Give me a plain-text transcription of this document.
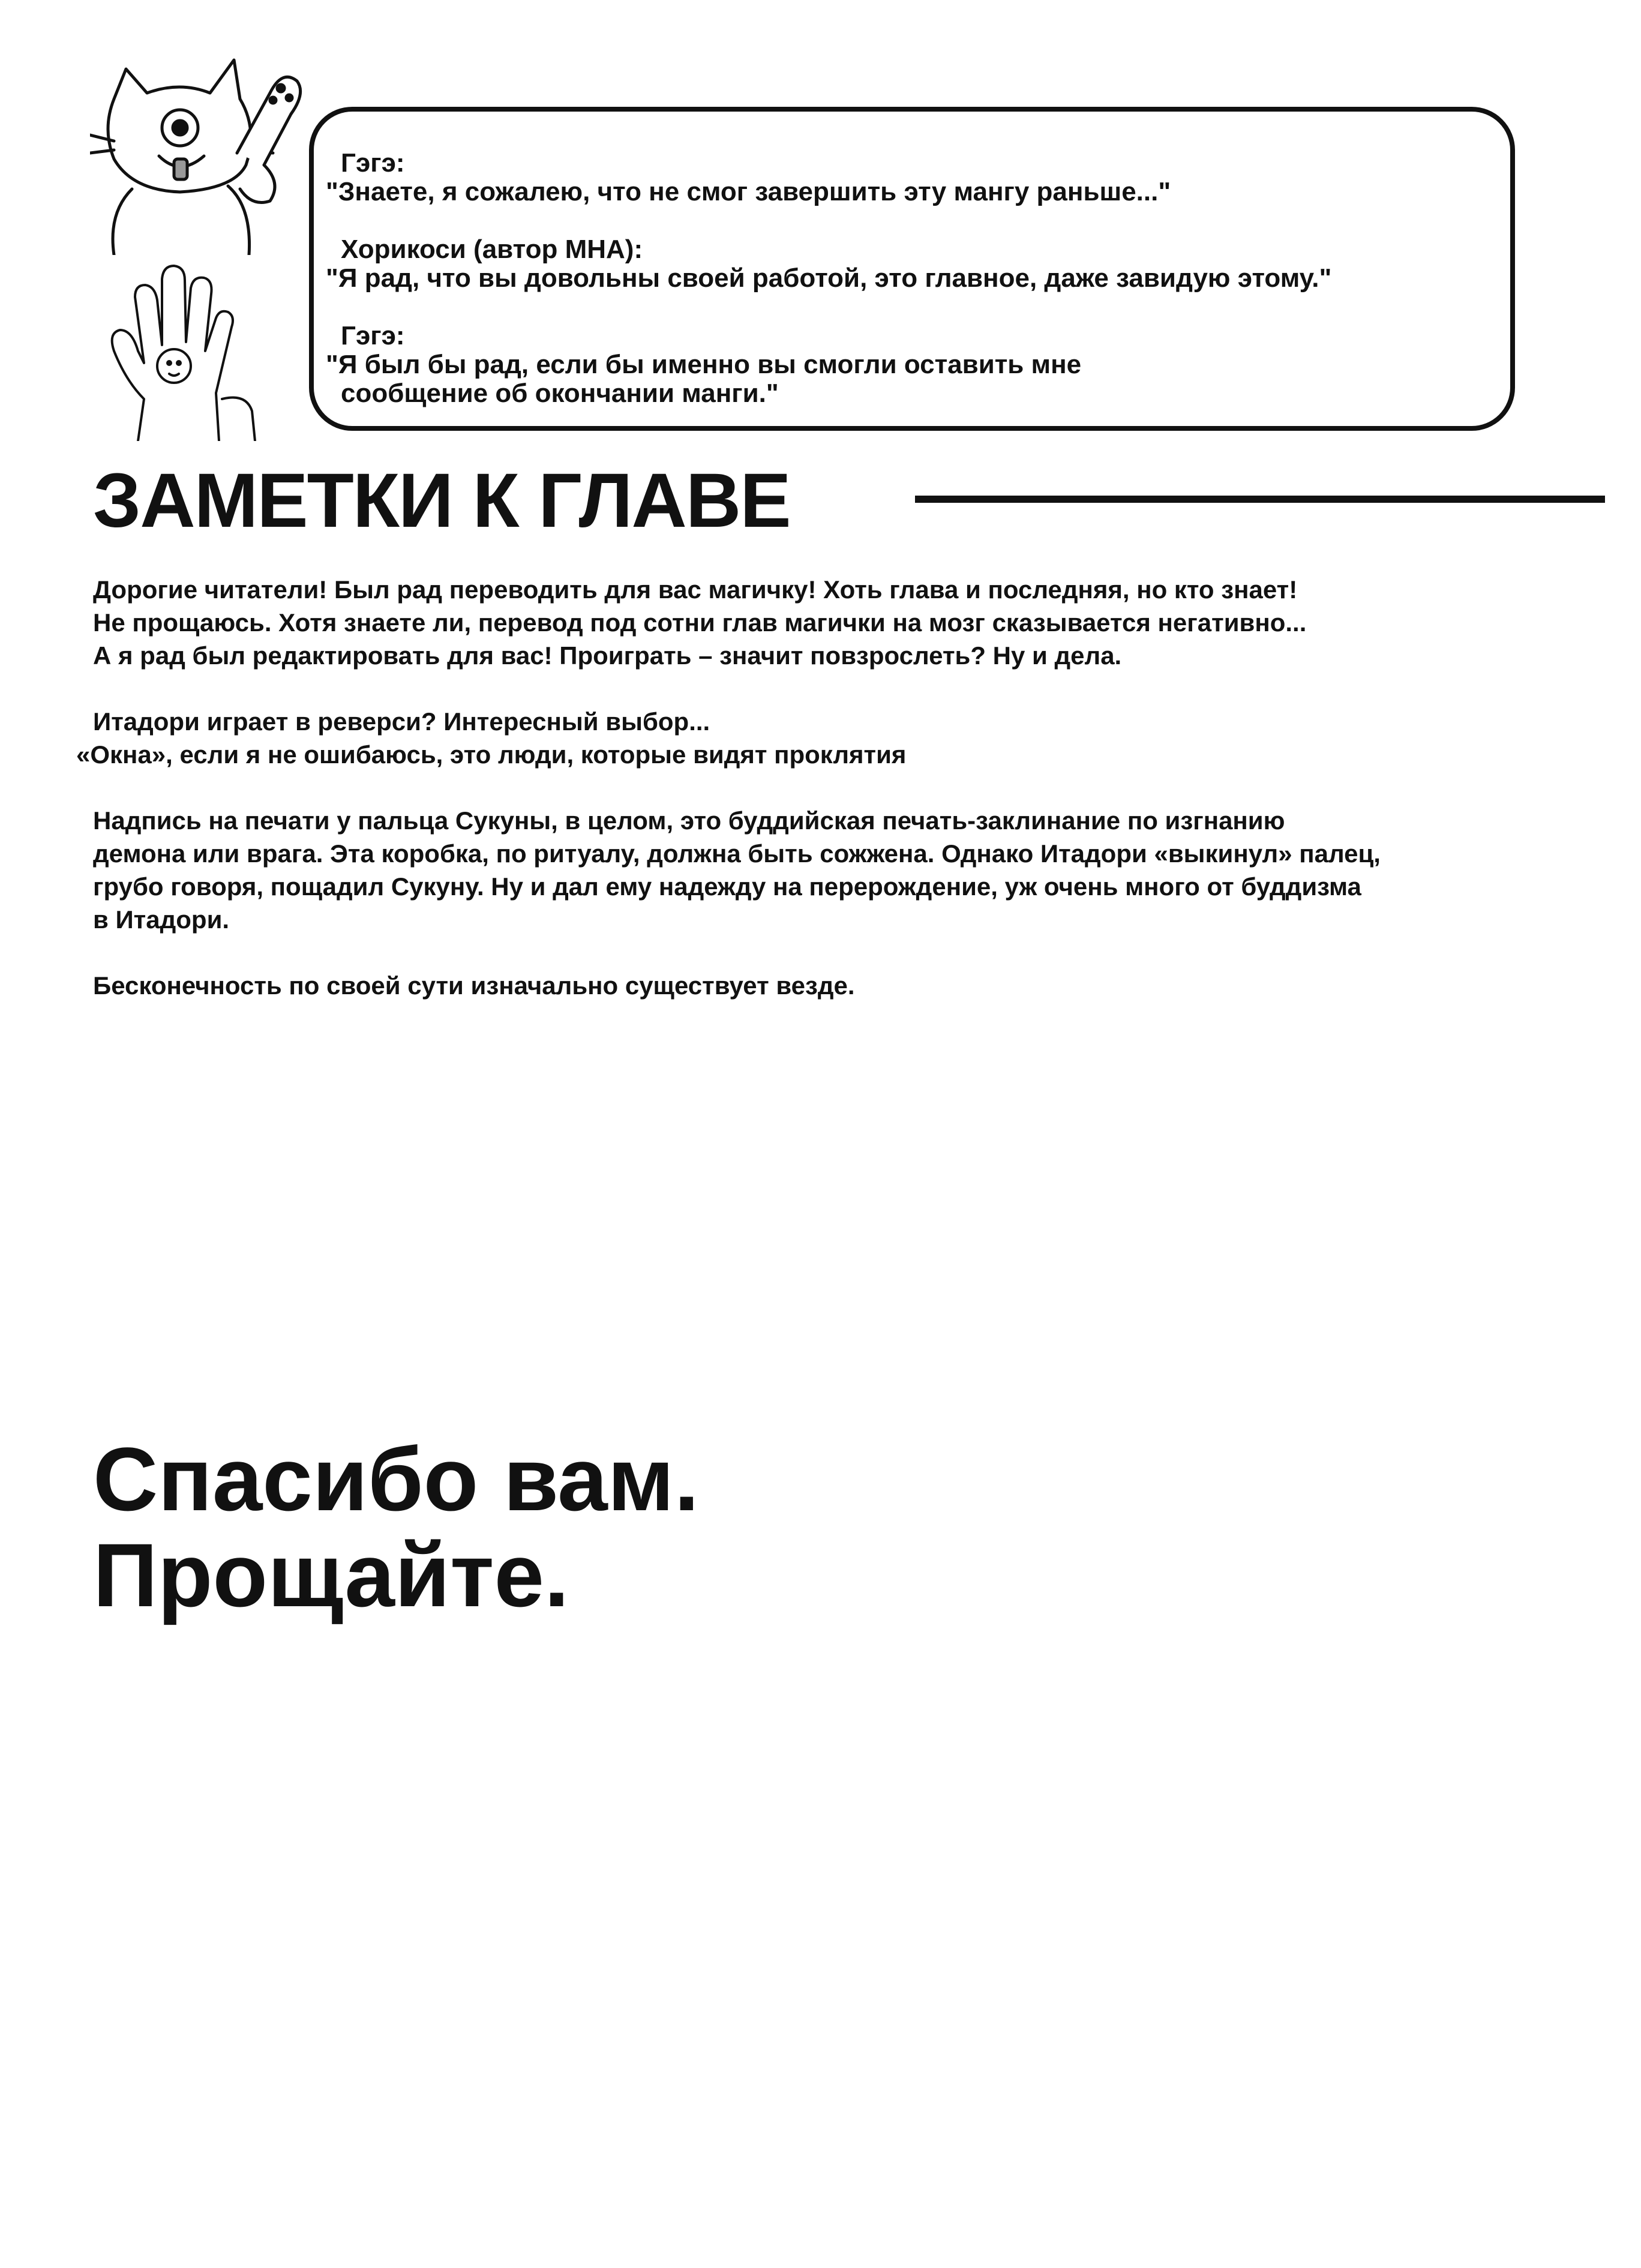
Гэгэ:
"Знаете, я сожалею, что не смог завершить эту мангу раньше..."
Хорикоси (автор МНА):
"Я рад, что вы довольны своей работой, это главное, даже завидую этому."
Гэгэ:
"Я был бы рад, если бы именно вы смогли оставить мне
сообщение об окончании манги."
ЗАМЕТКИ К ГЛАВЕ
Дорогие читатели! Был рад переводить для вас магичку! Хоть глава и последняя, но кто знает!
Не прощаюсь. Хотя знаете ли, перевод под сотни глав магички на мозг сказывается негативно...
А я рад был редактировать для вас! Проиграть – значит повзрослеть? Ну и дела.
Итадори играет в реверси? Интересный выбор...
«Окна», если я не ошибаюсь, это люди, которые видят проклятия
Надпись на печати у пальца Сукуны, в целом, это буддийская печать-заклинание по изгнанию
демона или врага. Эта коробка, по ритуалу, должна быть сожжена. Однако Итадори «выкинул» палец,
грубо говоря, пощадил Сукуну. Ну и дал ему надежду на перерождение, уж очень много от буддизма
в Итадори.
Бесконечность по своей сути изначально существует везде.
Спасибо вам.
Прощайте.
